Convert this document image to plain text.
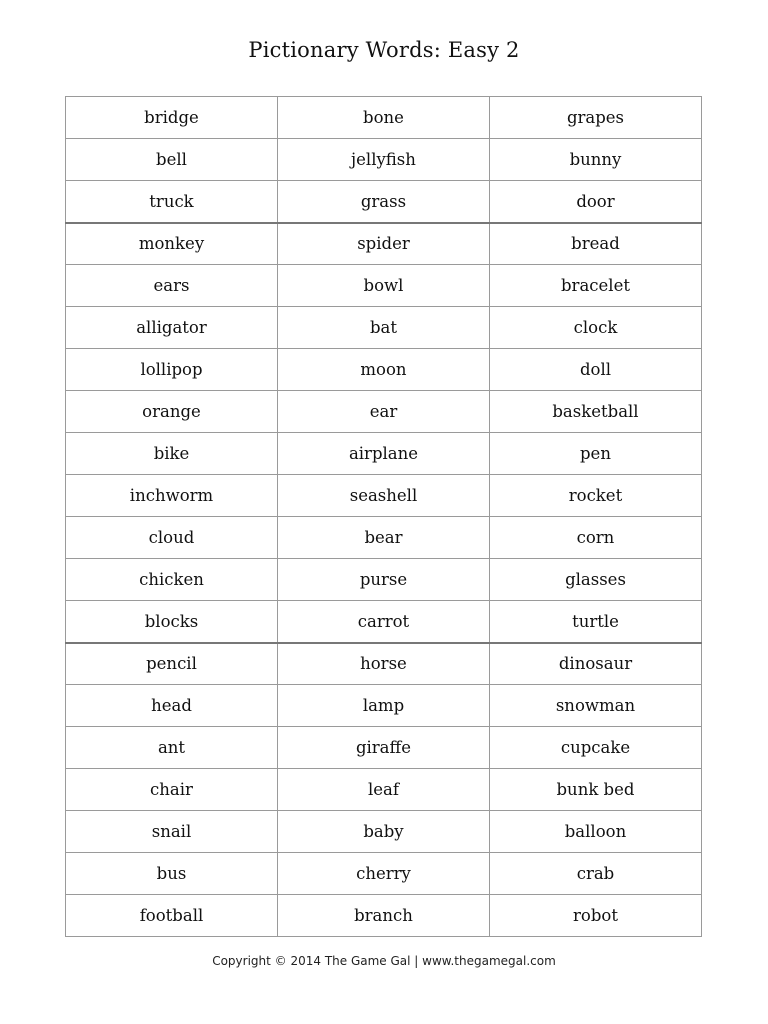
Pictionary Words: Easy 2
bridge	bone	grapes
bell	jellyfish	bunny
truck	grass	door
monkey	spider	bread
ears	bowl	bracelet
alligator	bat	clock
lollipop	moon	doll
orange	ear	basketball
bike	airplane	pen
inchworm	seashell	rocket
cloud	bear	corn
chicken	purse	glasses
blocks	carrot	turtle
pencil	horse	dinosaur
head	lamp	snowman
ant	giraffe	cupcake
chair	leaf	bunk bed
snail	baby	balloon
bus	cherry	crab
football	branch	robot
Copyright © 2014 The Game Gal | www.thegamegal.com
